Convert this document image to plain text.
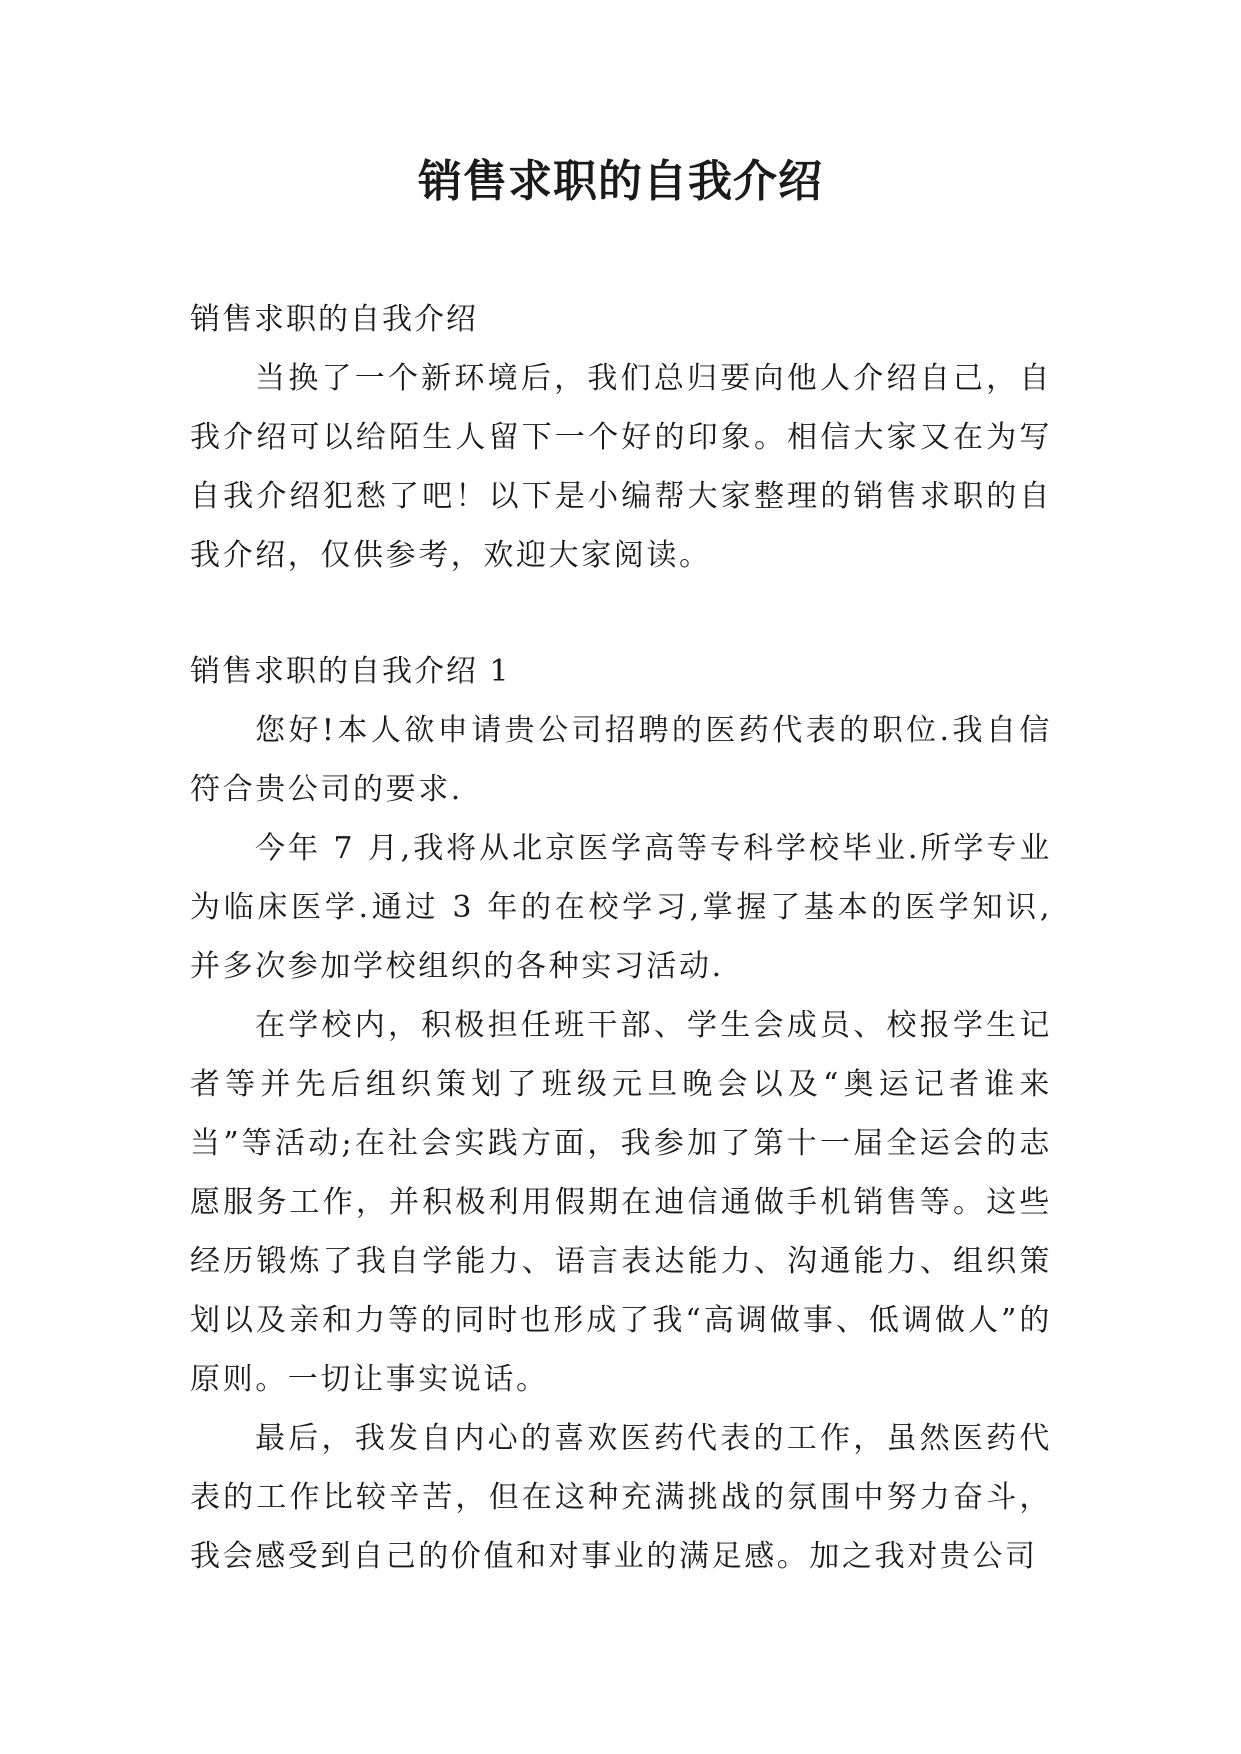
销售求职的自我介绍

销售求职的自我介绍

当换了一个新环境后，我们总归要向他人介绍自己，自我介绍可以给陌生人留下一个好的印象。相信大家又在为写自我介绍犯愁了吧！以下是小编帮大家整理的销售求职的自我介绍，仅供参考，欢迎大家阅读。

销售求职的自我介绍 1

您好!本人欲申请贵公司招聘的医药代表的职位.我自信符合贵公司的要求.

今年 7 月,我将从北京医学高等专科学校毕业.所学专业为临床医学.通过 3 年的在校学习,掌握了基本的医学知识,并多次参加学校组织的各种实习活动.

在学校内，积极担任班干部、学生会成员、校报学生记者等并先后组织策划了班级元旦晚会以及“奥运记者谁来当”等活动;在社会实践方面，我参加了第十一届全运会的志愿服务工作，并积极利用假期在迪信通做手机销售等。这些经历锻炼了我自学能力、语言表达能力、沟通能力、组织策划以及亲和力等的同时也形成了我“高调做事、低调做人”的原则。一切让事实说话。

最后，我发自内心的喜欢医药代表的工作，虽然医药代表的工作比较辛苦，但在这种充满挑战的氛围中努力奋斗，我会感受到自己的价值和对事业的满足感。加之我对贵公司
